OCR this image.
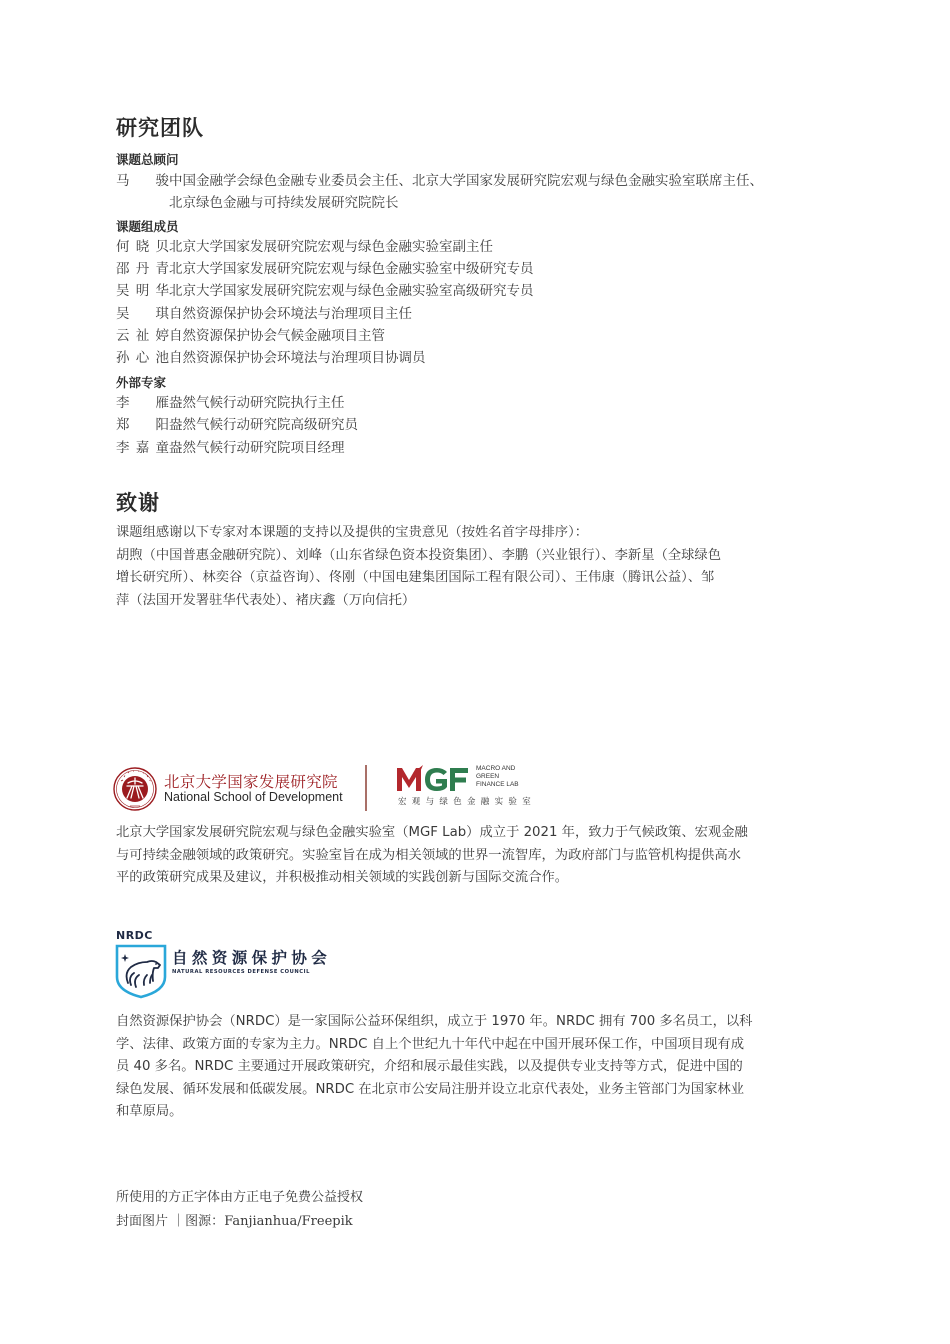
研究团队
课题总顾问
马　骏中国金融学会绿色金融专业委员会主任、北京大学国家发展研究院宏观与绿色金融实验室联席主任、
北京绿色金融与可持续发展研究院院长
课题组成员
何晓贝北京大学国家发展研究院宏观与绿色金融实验室副主任
邵丹青北京大学国家发展研究院宏观与绿色金融实验室中级研究专员
吴明华北京大学国家发展研究院宏观与绿色金融实验室高级研究专员
吴　琪自然资源保护协会环境法与治理项目主任
云祉婷自然资源保护协会气候金融项目主管
孙心池自然资源保护协会环境法与治理项目协调员
外部专家
李　雁盎然气候行动研究院执行主任
郑　阳盎然气候行动研究院高级研究员
李嘉童盎然气候行动研究院项目经理
致谢
课题组感谢以下专家对本课题的支持以及提供的宝贵意见（按姓名首字母排序）：
胡煦（中国普惠金融研究院）、刘峰（山东省绿色资本投资集团）、李鹏（兴业银行）、李新星（全球绿色
增长研究所）、林奕谷（京益咨询）、佟刚（中国电建集团国际工程有限公司）、王伟康（腾讯公益）、邹
萍（法国开发署驻华代表处）、褚庆鑫（万向信托）
北京大学国家发展研究院宏观与绿色金融实验室（MGF Lab）成立于 2021 年，致力于气候政策、宏观金融
与可持续金融领域的政策研究。实验室旨在成为相关领域的世界一流智库，为政府部门与监管机构提供高水
平的政策研究成果及建议，并积极推动相关领域的实践创新与国际交流合作。
自然资源保护协会（NRDC）是一家国际公益环保组织，成立于 1970 年。NRDC 拥有 700 多名员工，以科
学、法律、政策方面的专家为主力。NRDC 自上个世纪九十年代中起在中国开展环保工作，中国项目现有成
员 40 多名。NRDC 主要通过开展政策研究，介绍和展示最佳实践，以及提供专业支持等方式，促进中国的
绿色发展、循环发展和低碳发展。NRDC 在北京市公安局注册并设立北京代表处，业务主管部门为国家林业
和草原局。
所使用的方正字体由方正电子免费公益授权
封面图片 ｜图源：Fanjianhua/Freepik
北京大学国家发展研究院
National School of Development
MACRO AND
GREEN
FINANCE LAB
宏观与绿色金融实验室
NRDC
自然资源保护协会
NATURAL RESOURCES DEFENSE COUNCIL
